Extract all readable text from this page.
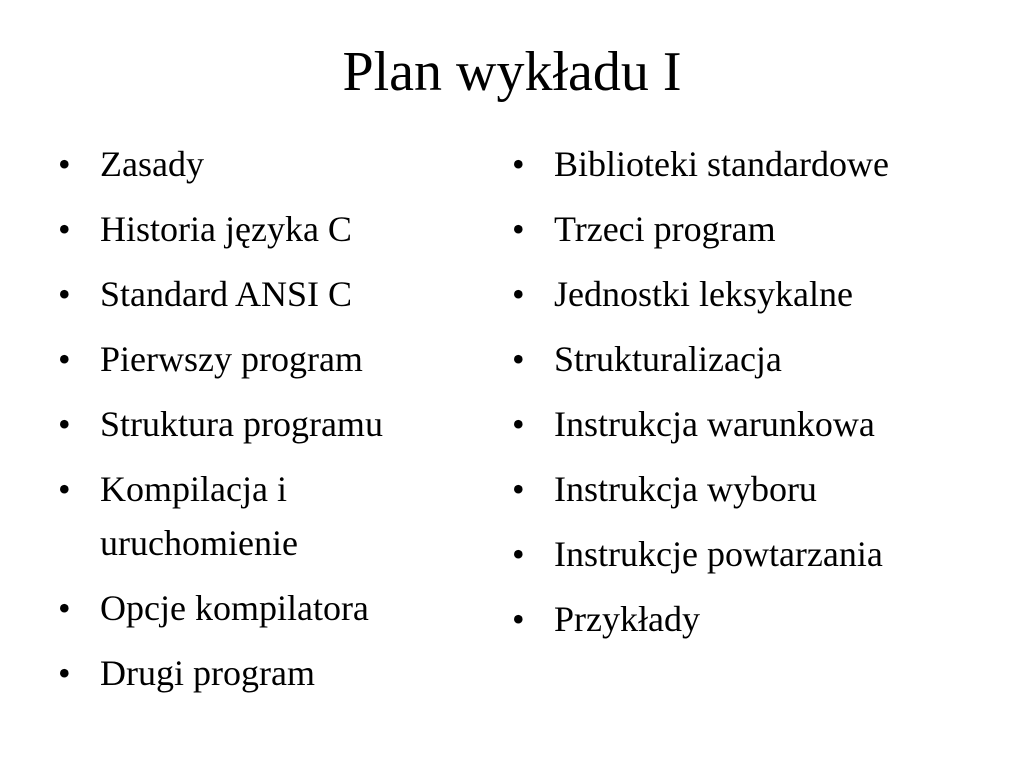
Plan wykładu I
• Zasady
• Historia języka C
• Standard ANSI C
• Pierwszy program
• Struktura programu
• Kompilacja i uruchomienie
• Opcje kompilatora
• Drugi program
• Biblioteki standardowe
• Trzeci program
• Jednostki leksykalne
• Strukturalizacja
• Instrukcja warunkowa
• Instrukcja wyboru
• Instrukcje powtarzania
• Przykłady
